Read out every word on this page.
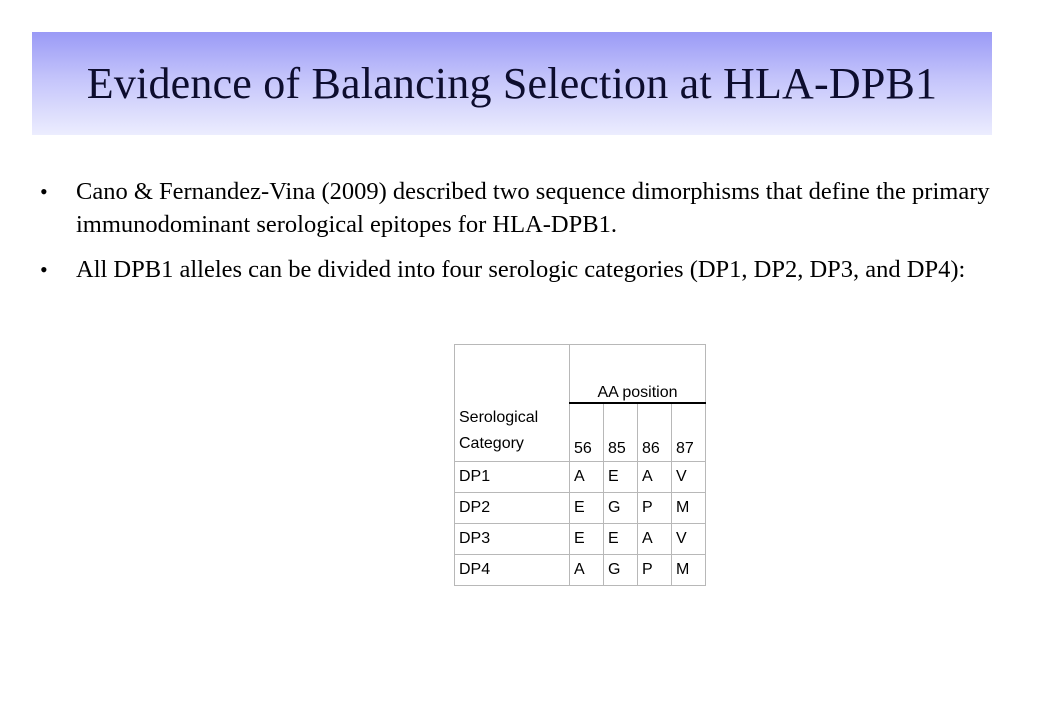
Evidence of Balancing Selection at HLA-DPB1
• Cano & Fernandez-Vina (2009) described two sequence dimorphisms that define the primary immunodominant serological epitopes for HLA-DPB1.
• All DPB1 alleles can be divided into four serologic categories (DP1, DP2, DP3, and DP4):
	AA position			
Serological
Category	56	85	86	87
DP1	A	E	A	V
DP2	E	G	P	M
DP3	E	E	A	V
DP4	A	G	P	M
